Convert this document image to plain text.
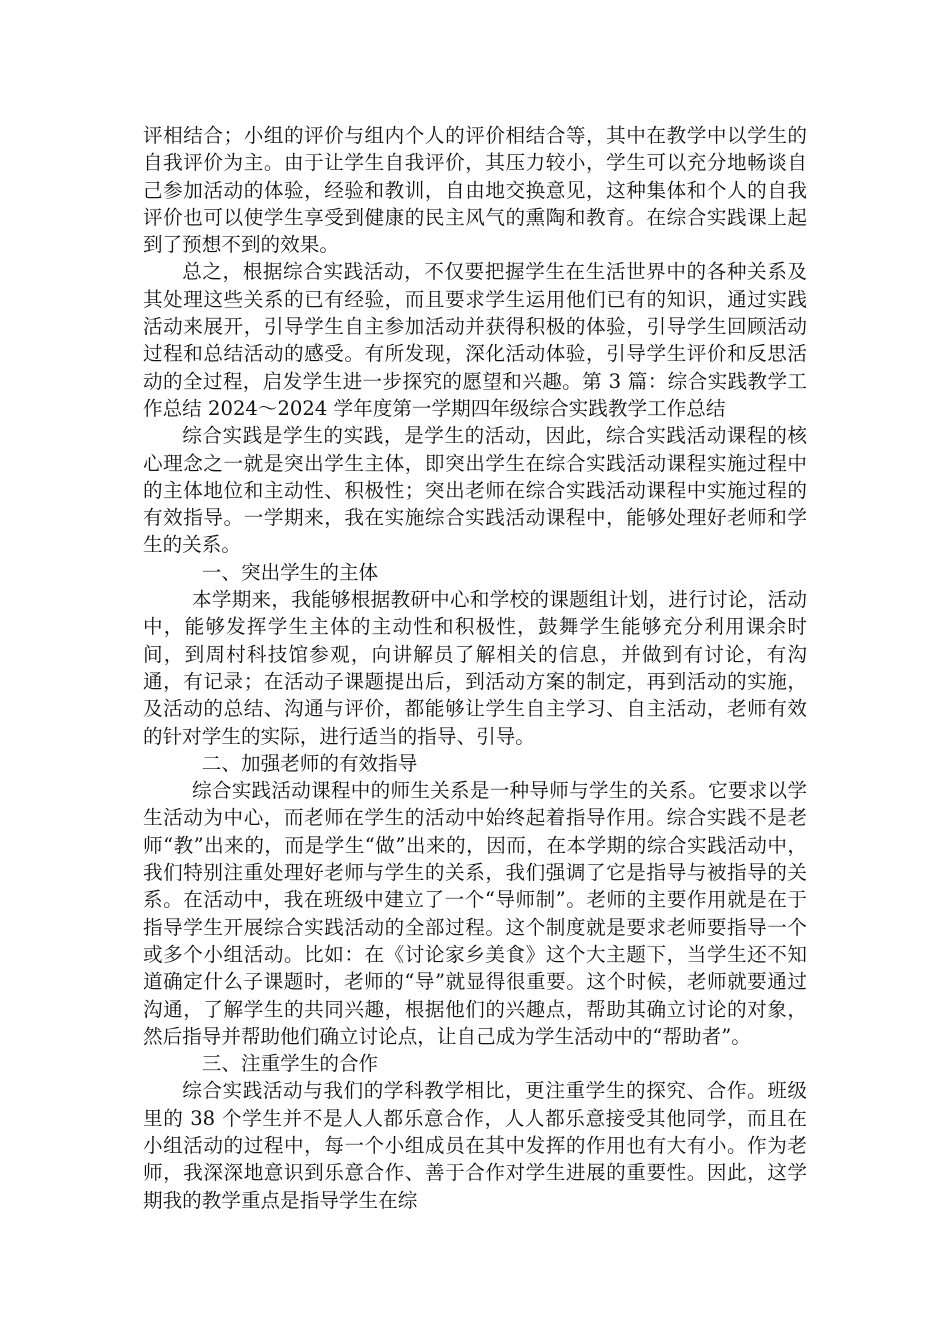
评相结合；小组的评价与组内个人的评价相结合等，其中在教学中以学生的自我评价为主。由于让学生自我评价，其压力较小，学生可以充分地畅谈自己参加活动的体验，经验和教训，自由地交换意见，这种集体和个人的自我评价也可以使学生享受到健康的民主风气的熏陶和教育。在综合实践课上起到了预想不到的效果。

总之，根据综合实践活动，不仅要把握学生在生活世界中的各种关系及其处理这些关系的已有经验，而且要求学生运用他们已有的知识，通过实践活动来展开，引导学生自主参加活动并获得积极的体验，引导学生回顾活动过程和总结活动的感受。有所发现，深化活动体验，引导学生评价和反思活动的全过程，启发学生进一步探究的愿望和兴趣。第 3 篇：综合实践教学工作总结 2024～2024 学年度第一学期四年级综合实践教学工作总结

综合实践是学生的实践，是学生的活动，因此，综合实践活动课程的核心理念之一就是突出学生主体，即突出学生在综合实践活动课程实施过程中的主体地位和主动性、积极性；突出老师在综合实践活动课程中实施过程的有效指导。一学期来，我在实施综合实践活动课程中，能够处理好老师和学生的关系。

一、突出学生的主体

本学期来，我能够根据教研中心和学校的课题组计划，进行讨论，活动中，能够发挥学生主体的主动性和积极性，鼓舞学生能够充分利用课余时间，到周村科技馆参观，向讲解员了解相关的信息，并做到有讨论，有沟通，有记录；在活动子课题提出后，到活动方案的制定，再到活动的实施，及活动的总结、沟通与评价，都能够让学生自主学习、自主活动，老师有效的针对学生的实际，进行适当的指导、引导。

二、加强老师的有效指导

综合实践活动课程中的师生关系是一种导师与学生的关系。它要求以学生活动为中心，而老师在学生的活动中始终起着指导作用。综合实践不是老师“教”出来的，而是学生“做”出来的，因而，在本学期的综合实践活动中，我们特别注重处理好老师与学生的关系，我们强调了它是指导与被指导的关系。在活动中，我在班级中建立了一个“导师制”。老师的主要作用就是在于指导学生开展综合实践活动的全部过程。这个制度就是要求老师要指导一个或多个小组活动。比如：在《讨论家乡美食》这个大主题下，当学生还不知道确定什么子课题时，老师的“导”就显得很重要。这个时候，老师就要通过沟通，了解学生的共同兴趣，根据他们的兴趣点，帮助其确立讨论的对象，然后指导并帮助他们确立讨论点，让自己成为学生活动中的“帮助者”。

三、注重学生的合作

综合实践活动与我们的学科教学相比，更注重学生的探究、合作。班级里的 38 个学生并不是人人都乐意合作，人人都乐意接受其他同学，而且在小组活动的过程中，每一个小组成员在其中发挥的作用也有大有小。作为老师，我深深地意识到乐意合作、善于合作对学生进展的重要性。因此，这学期我的教学重点是指导学生在综
